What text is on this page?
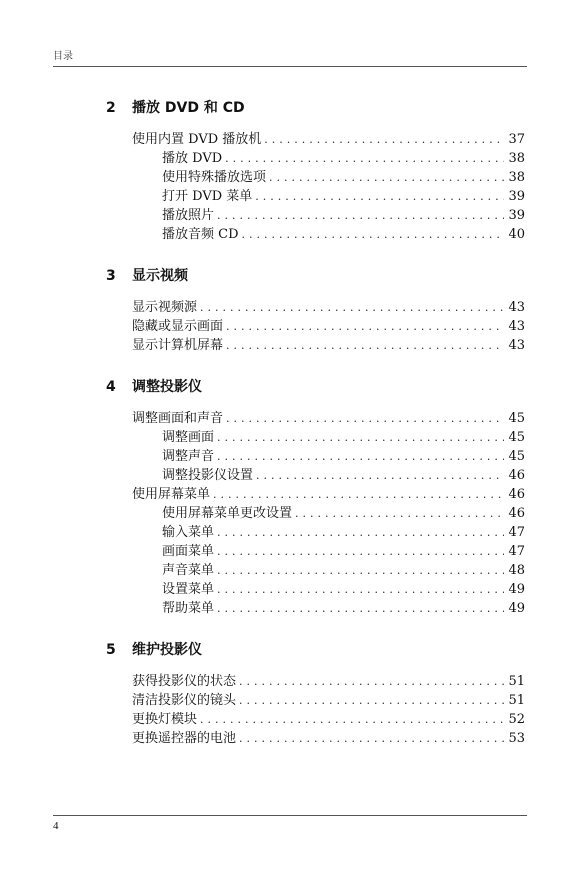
目录
2 播放 DVD 和 CD
使用内置 DVD 播放机 .....	37
播放 DVD .....	38
使用特殊播放选项 .....	38
打开 DVD 菜单 .....	39
播放照片 .....	39
播放音频 CD .....	40
3 显示视频
显示视频源 .....	43
隐藏或显示画面 .....	43
显示计算机屏幕 .....	43
4 调整投影仪
调整画面和声音 .....	45
调整画面 .....	45
调整声音 .....	45
调整投影仪设置 .....	46
使用屏幕菜单 .....	46
使用屏幕菜单更改设置 .....	46
输入菜单 .....	47
画面菜单 .....	47
声音菜单 .....	48
设置菜单 .....	49
帮助菜单 .....	49
5 维护投影仪
获得投影仪的状态 .....	51
清洁投影仪的镜头 .....	51
更换灯模块 .....	52
更换遥控器的电池 .....	53
4
